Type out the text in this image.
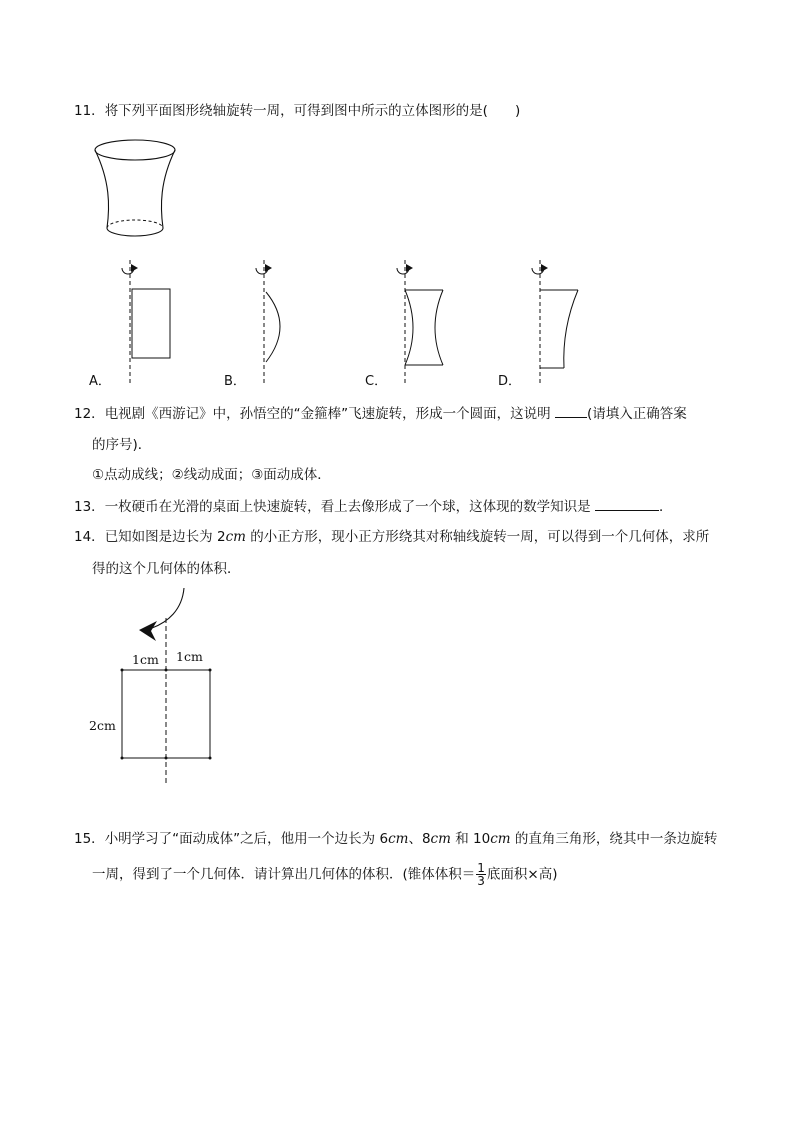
11．将下列平面图形绕轴旋转一周，可得到图中所示的立体图形的是(　　)
A．	B．	C．	D．
12．电视剧《西游记》中，孙悟空的“金箍棒”飞速旋转，形成一个圆面，这说明 (请填入正确答案
的序号)．
①点动成线；②线动成面；③面动成体．
13．一枚硬币在光滑的桌面上快速旋转，看上去像形成了一个球，这体现的数学知识是	．
14．已知如图是边长为 2cm 的小正方形，现小正方形绕其对称轴线旋转一周，可以得到一个几何体，求所
得的这个几何体的体积．
1cm 1cm
2cm
15．小明学习了“面动成体”之后，他用一个边长为 6cm、8cm 和 10cm 的直角三角形，绕其中一条边旋转
一周，得到了一个几何体．请计算出几何体的体积．(锥体体积＝ $\frac{1}{3}$ 底面积×高)
